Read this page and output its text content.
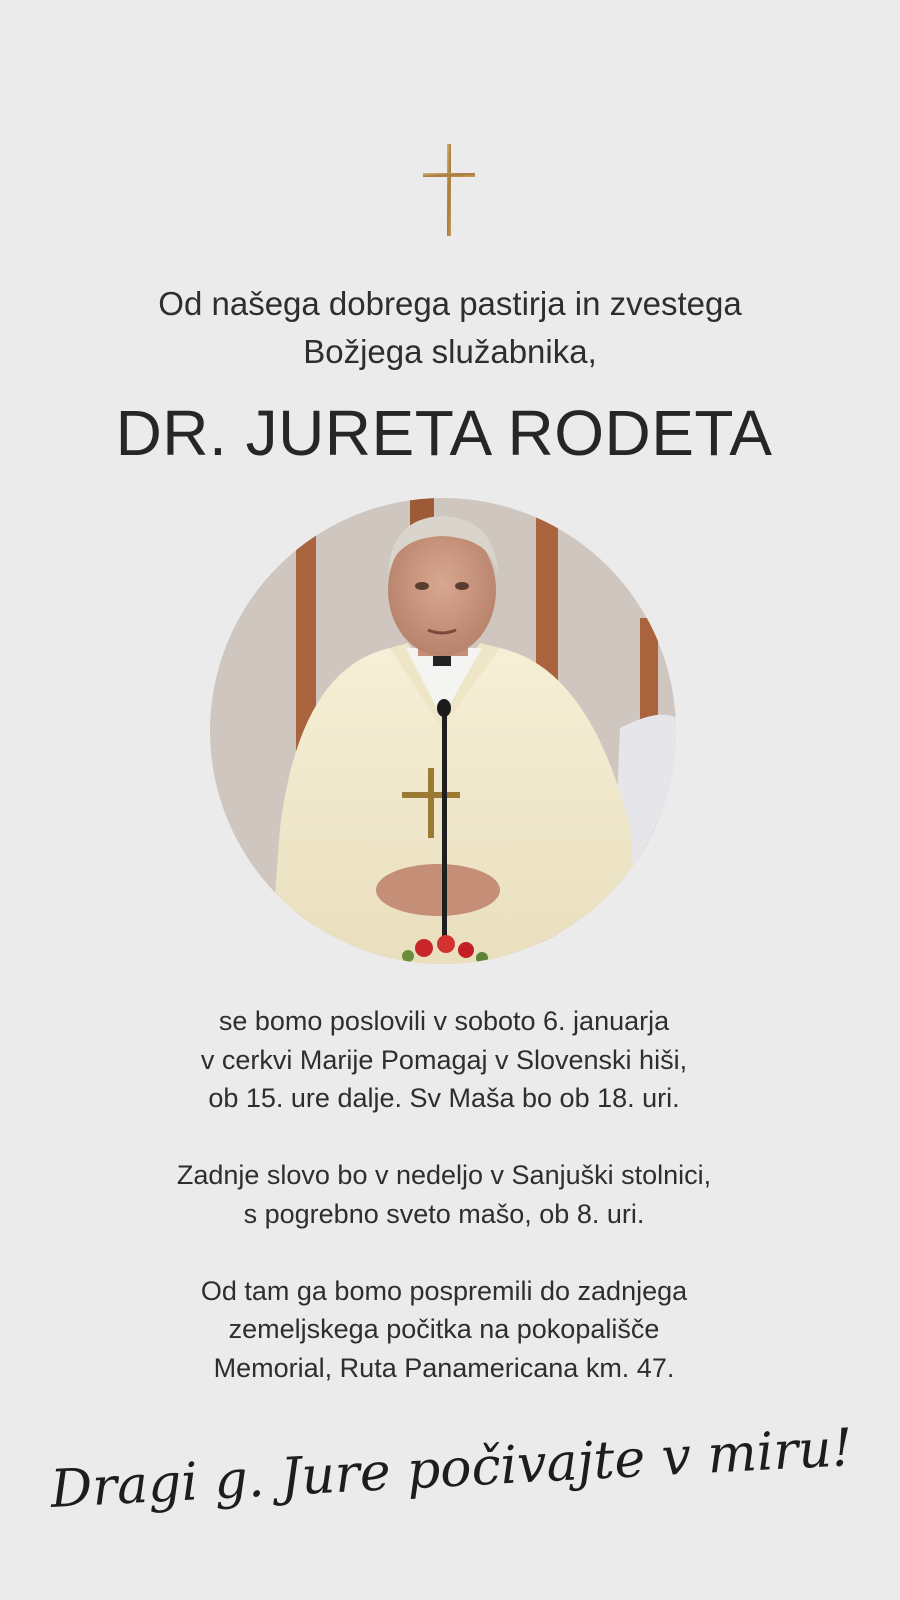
Od našega dobrega pastirja in zvestega
Božjega služabnika,
DR. JURETA RODETA
se bomo poslovili v soboto 6. januarja
v cerkvi Marije Pomagaj v Slovenski hiši,
ob 15. ure dalje. Sv Maša bo ob 18. uri.
Zadnje slovo bo v nedeljo v Sanjuški stolnici,
s pogrebno sveto mašo, ob 8. uri.
Od tam ga bomo pospremili do zadnjega
zemeljskega počitka na pokopališče
Memorial, Ruta Panamericana km. 47.
Dragi g. Jure počivajte v miru!
